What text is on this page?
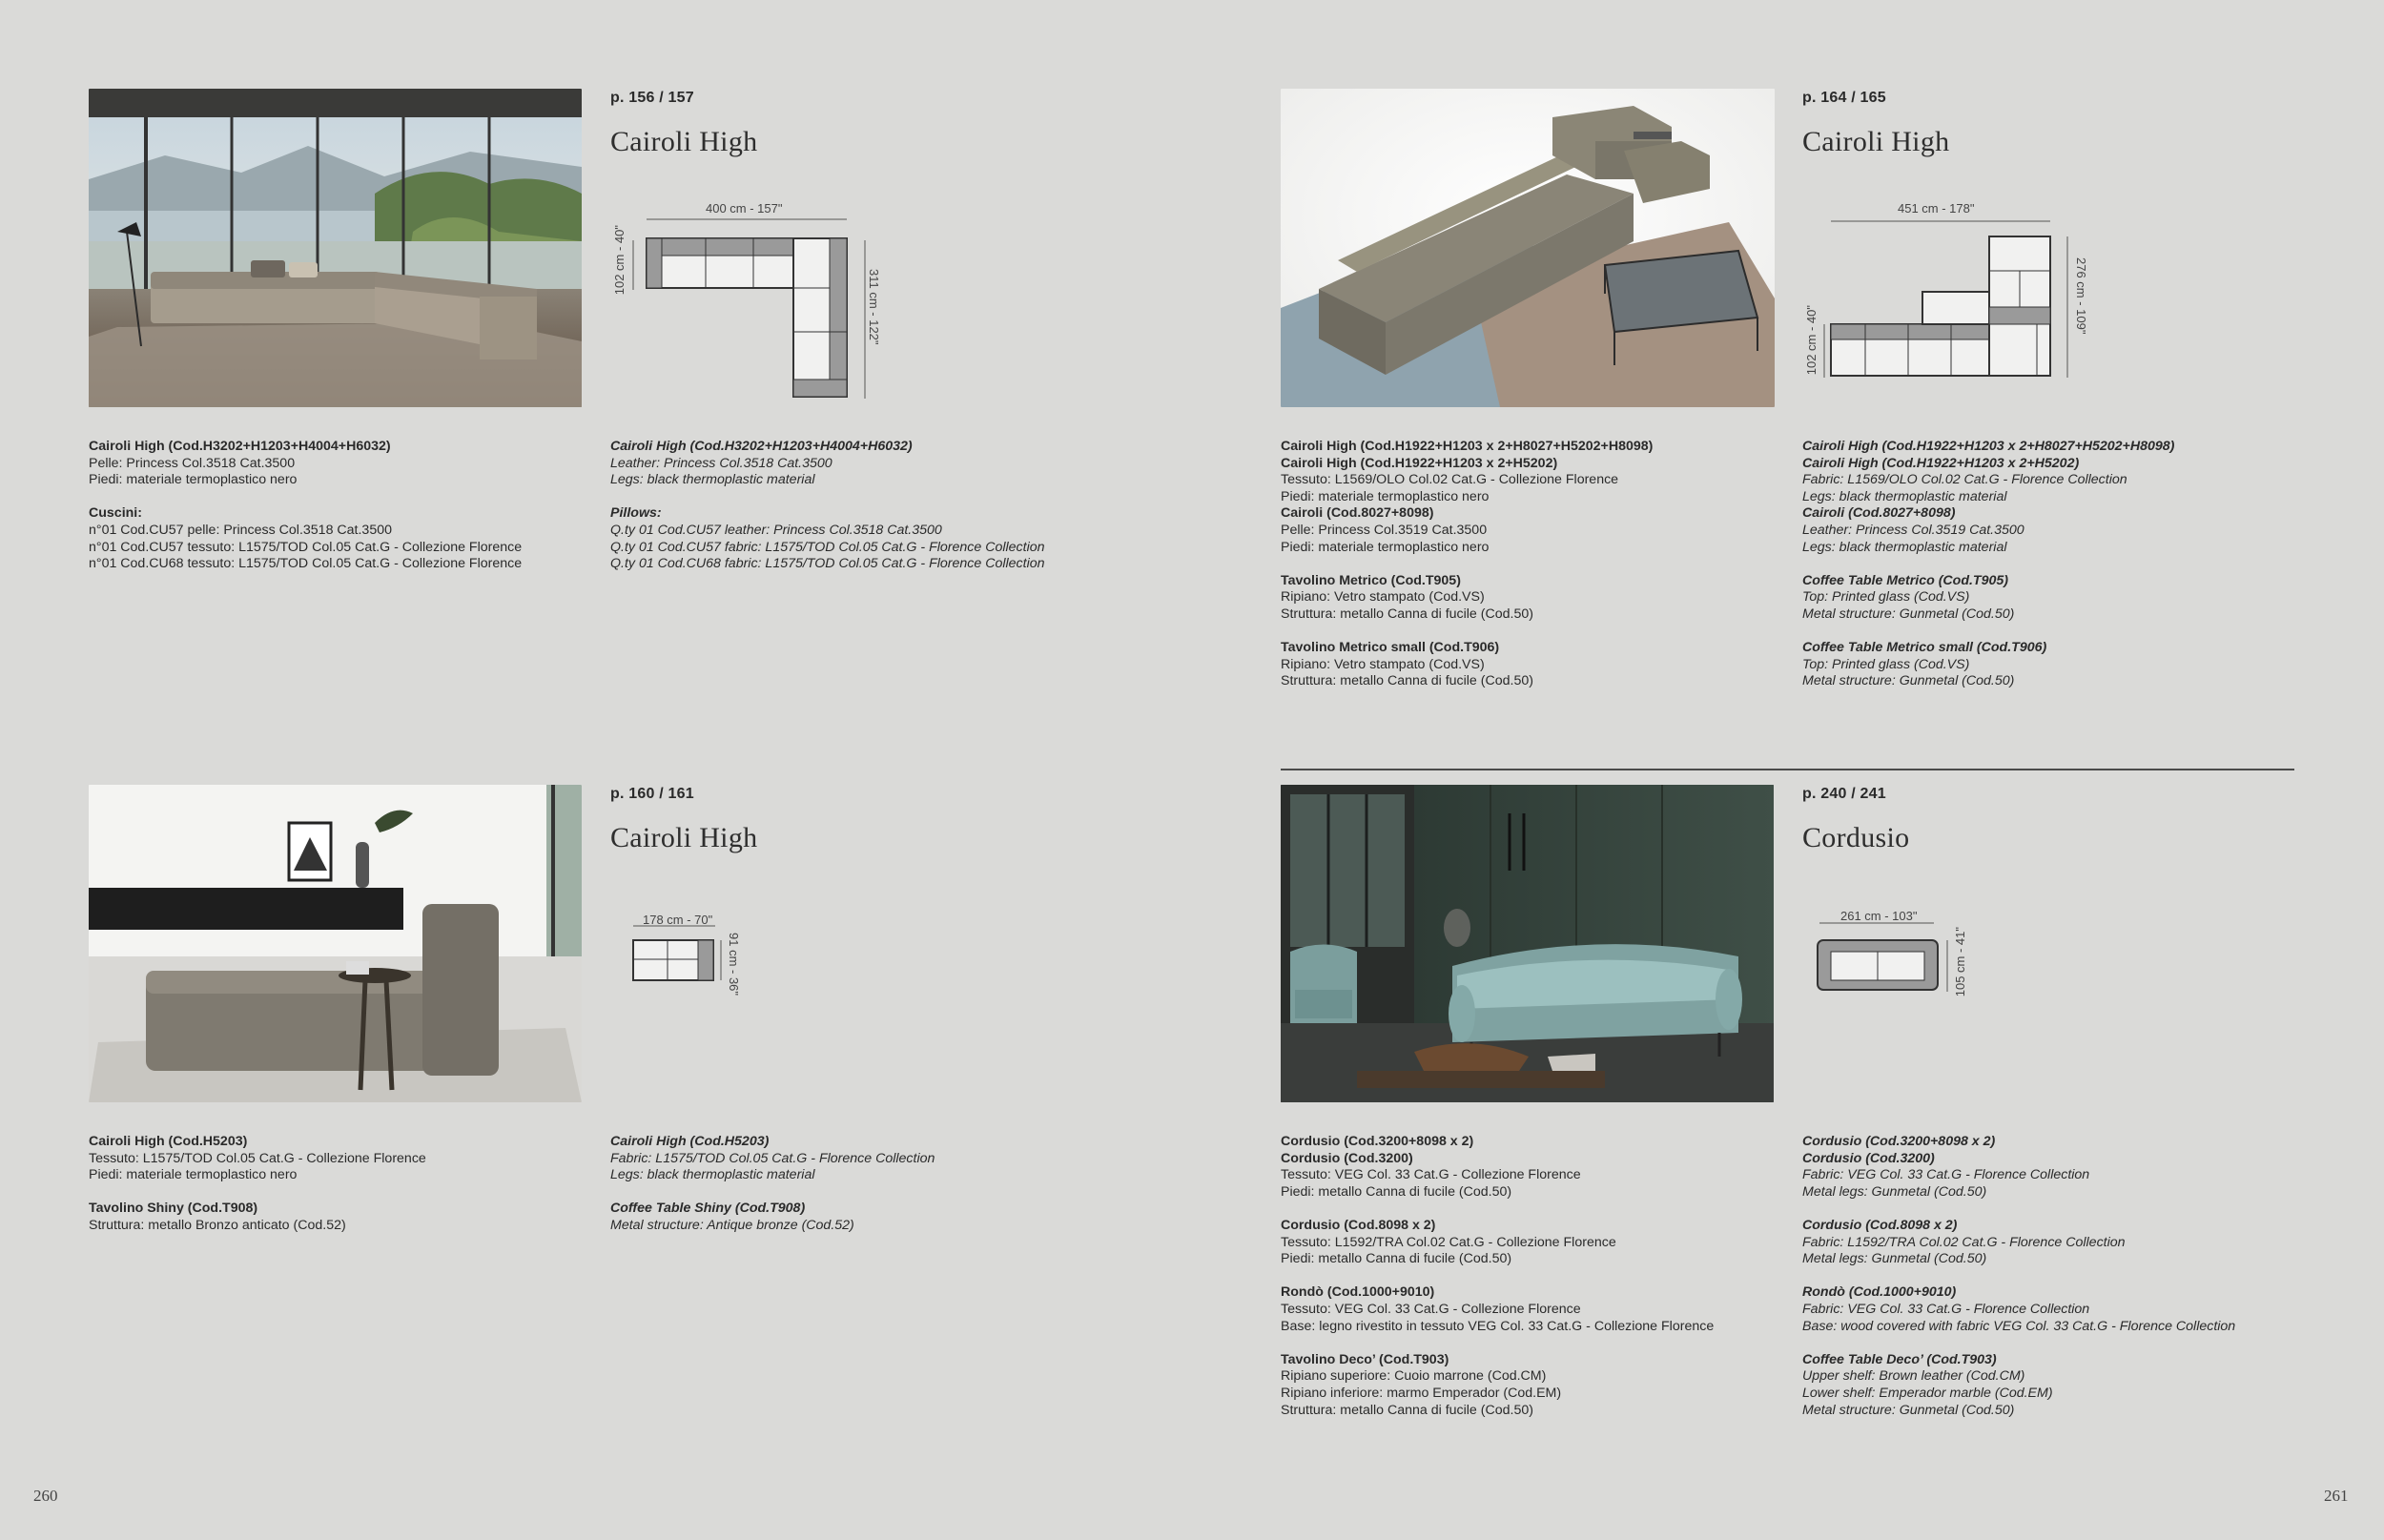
p. 156 / 157
Cairoli High
400 cm - 157"
102 cm - 40"
311 cm - 122"

Cairoli High (Cod.H3202+H1203+H4004+H6032)

Pelle: Princess Col.3518 Cat.3500

Piedi: materiale termoplastico nero

Cuscini:

n°01 Cod.CU57 pelle: Princess Col.3518 Cat.3500

n°01 Cod.CU57 tessuto: L1575/TOD Col.05 Cat.G - Collezione Florence

n°01 Cod.CU68 tessuto: L1575/TOD Col.05 Cat.G - Collezione Florence

Cairoli High (Cod.H3202+H1203+H4004+H6032)

Leather: Princess Col.3518 Cat.3500

Legs: black thermoplastic material

Pillows:

Q.ty 01 Cod.CU57 leather: Princess Col.3518 Cat.3500

Q.ty 01 Cod.CU57 fabric: L1575/TOD Col.05 Cat.G - Florence Collection

Q.ty 01 Cod.CU68 fabric: L1575/TOD Col.05 Cat.G - Florence Collection

p. 164 / 165
Cairoli High
451 cm - 178"
102 cm - 40"
276 cm - 109"

Cairoli High (Cod.H1922+H1203 x 2+H8027+H5202+H8098)

Cairoli High (Cod.H1922+H1203 x 2+H5202)

Tessuto: L1569/OLO Col.02 Cat.G - Collezione Florence

Piedi: materiale termoplastico nero

Cairoli (Cod.8027+8098)

Pelle: Princess Col.3519 Cat.3500

Piedi: materiale termoplastico nero

Tavolino Metrico (Cod.T905)

Ripiano: Vetro stampato (Cod.VS)

Struttura: metallo Canna di fucile (Cod.50)

Tavolino Metrico small (Cod.T906)

Ripiano: Vetro stampato (Cod.VS)

Struttura: metallo Canna di fucile (Cod.50)

Cairoli High (Cod.H1922+H1203 x 2+H8027+H5202+H8098)

Cairoli High (Cod.H1922+H1203 x 2+H5202)

Fabric: L1569/OLO Col.02 Cat.G - Florence Collection

Legs: black thermoplastic material

Cairoli (Cod.8027+8098)

Leather: Princess Col.3519 Cat.3500

Legs: black thermoplastic material

Coffee Table Metrico (Cod.T905)

Top: Printed glass (Cod.VS)

Metal structure: Gunmetal (Cod.50)

Coffee Table Metrico small (Cod.T906)

Top: Printed glass (Cod.VS)

Metal structure: Gunmetal (Cod.50)

p. 160 / 161
Cairoli High
178 cm - 70"
91 cm - 36"

Cairoli High (Cod.H5203)

Tessuto: L1575/TOD Col.05 Cat.G - Collezione Florence

Piedi: materiale termoplastico nero

Tavolino Shiny (Cod.T908)

Struttura: metallo Bronzo anticato (Cod.52)

Cairoli High (Cod.H5203)

Fabric: L1575/TOD Col.05 Cat.G - Florence Collection

Legs: black thermoplastic material

Coffee Table Shiny (Cod.T908)

Metal structure: Antique bronze (Cod.52)

p. 240 / 241
Cordusio
261 cm - 103"
105 cm - 41"

Cordusio (Cod.3200+8098 x 2)

Cordusio (Cod.3200)

Tessuto: VEG Col. 33 Cat.G - Collezione Florence

Piedi: metallo Canna di fucile (Cod.50)

Cordusio (Cod.8098 x 2)

Tessuto: L1592/TRA Col.02 Cat.G - Collezione Florence

Piedi: metallo Canna di fucile (Cod.50)

Rondò (Cod.1000+9010)

Tessuto: VEG Col. 33 Cat.G - Collezione Florence

Base: legno rivestito in tessuto VEG Col. 33 Cat.G - Collezione Florence

Tavolino Deco’ (Cod.T903)

Ripiano superiore: Cuoio marrone (Cod.CM)

Ripiano inferiore: marmo Emperador (Cod.EM)

Struttura: metallo Canna di fucile (Cod.50)

Cordusio (Cod.3200+8098 x 2)

Cordusio (Cod.3200)

Fabric: VEG Col. 33 Cat.G - Florence Collection

Metal legs: Gunmetal (Cod.50)

Cordusio (Cod.8098 x 2)

Fabric: L1592/TRA Col.02 Cat.G - Florence Collection

Metal legs: Gunmetal (Cod.50)

Rondò (Cod.1000+9010)

Fabric: VEG Col. 33 Cat.G - Florence Collection

Base: wood covered with fabric VEG Col. 33 Cat.G - Florence Collection

Coffee Table Deco’ (Cod.T903)

Upper shelf: Brown leather (Cod.CM)

Lower shelf: Emperador marble (Cod.EM)

Metal structure: Gunmetal (Cod.50)

260	261
